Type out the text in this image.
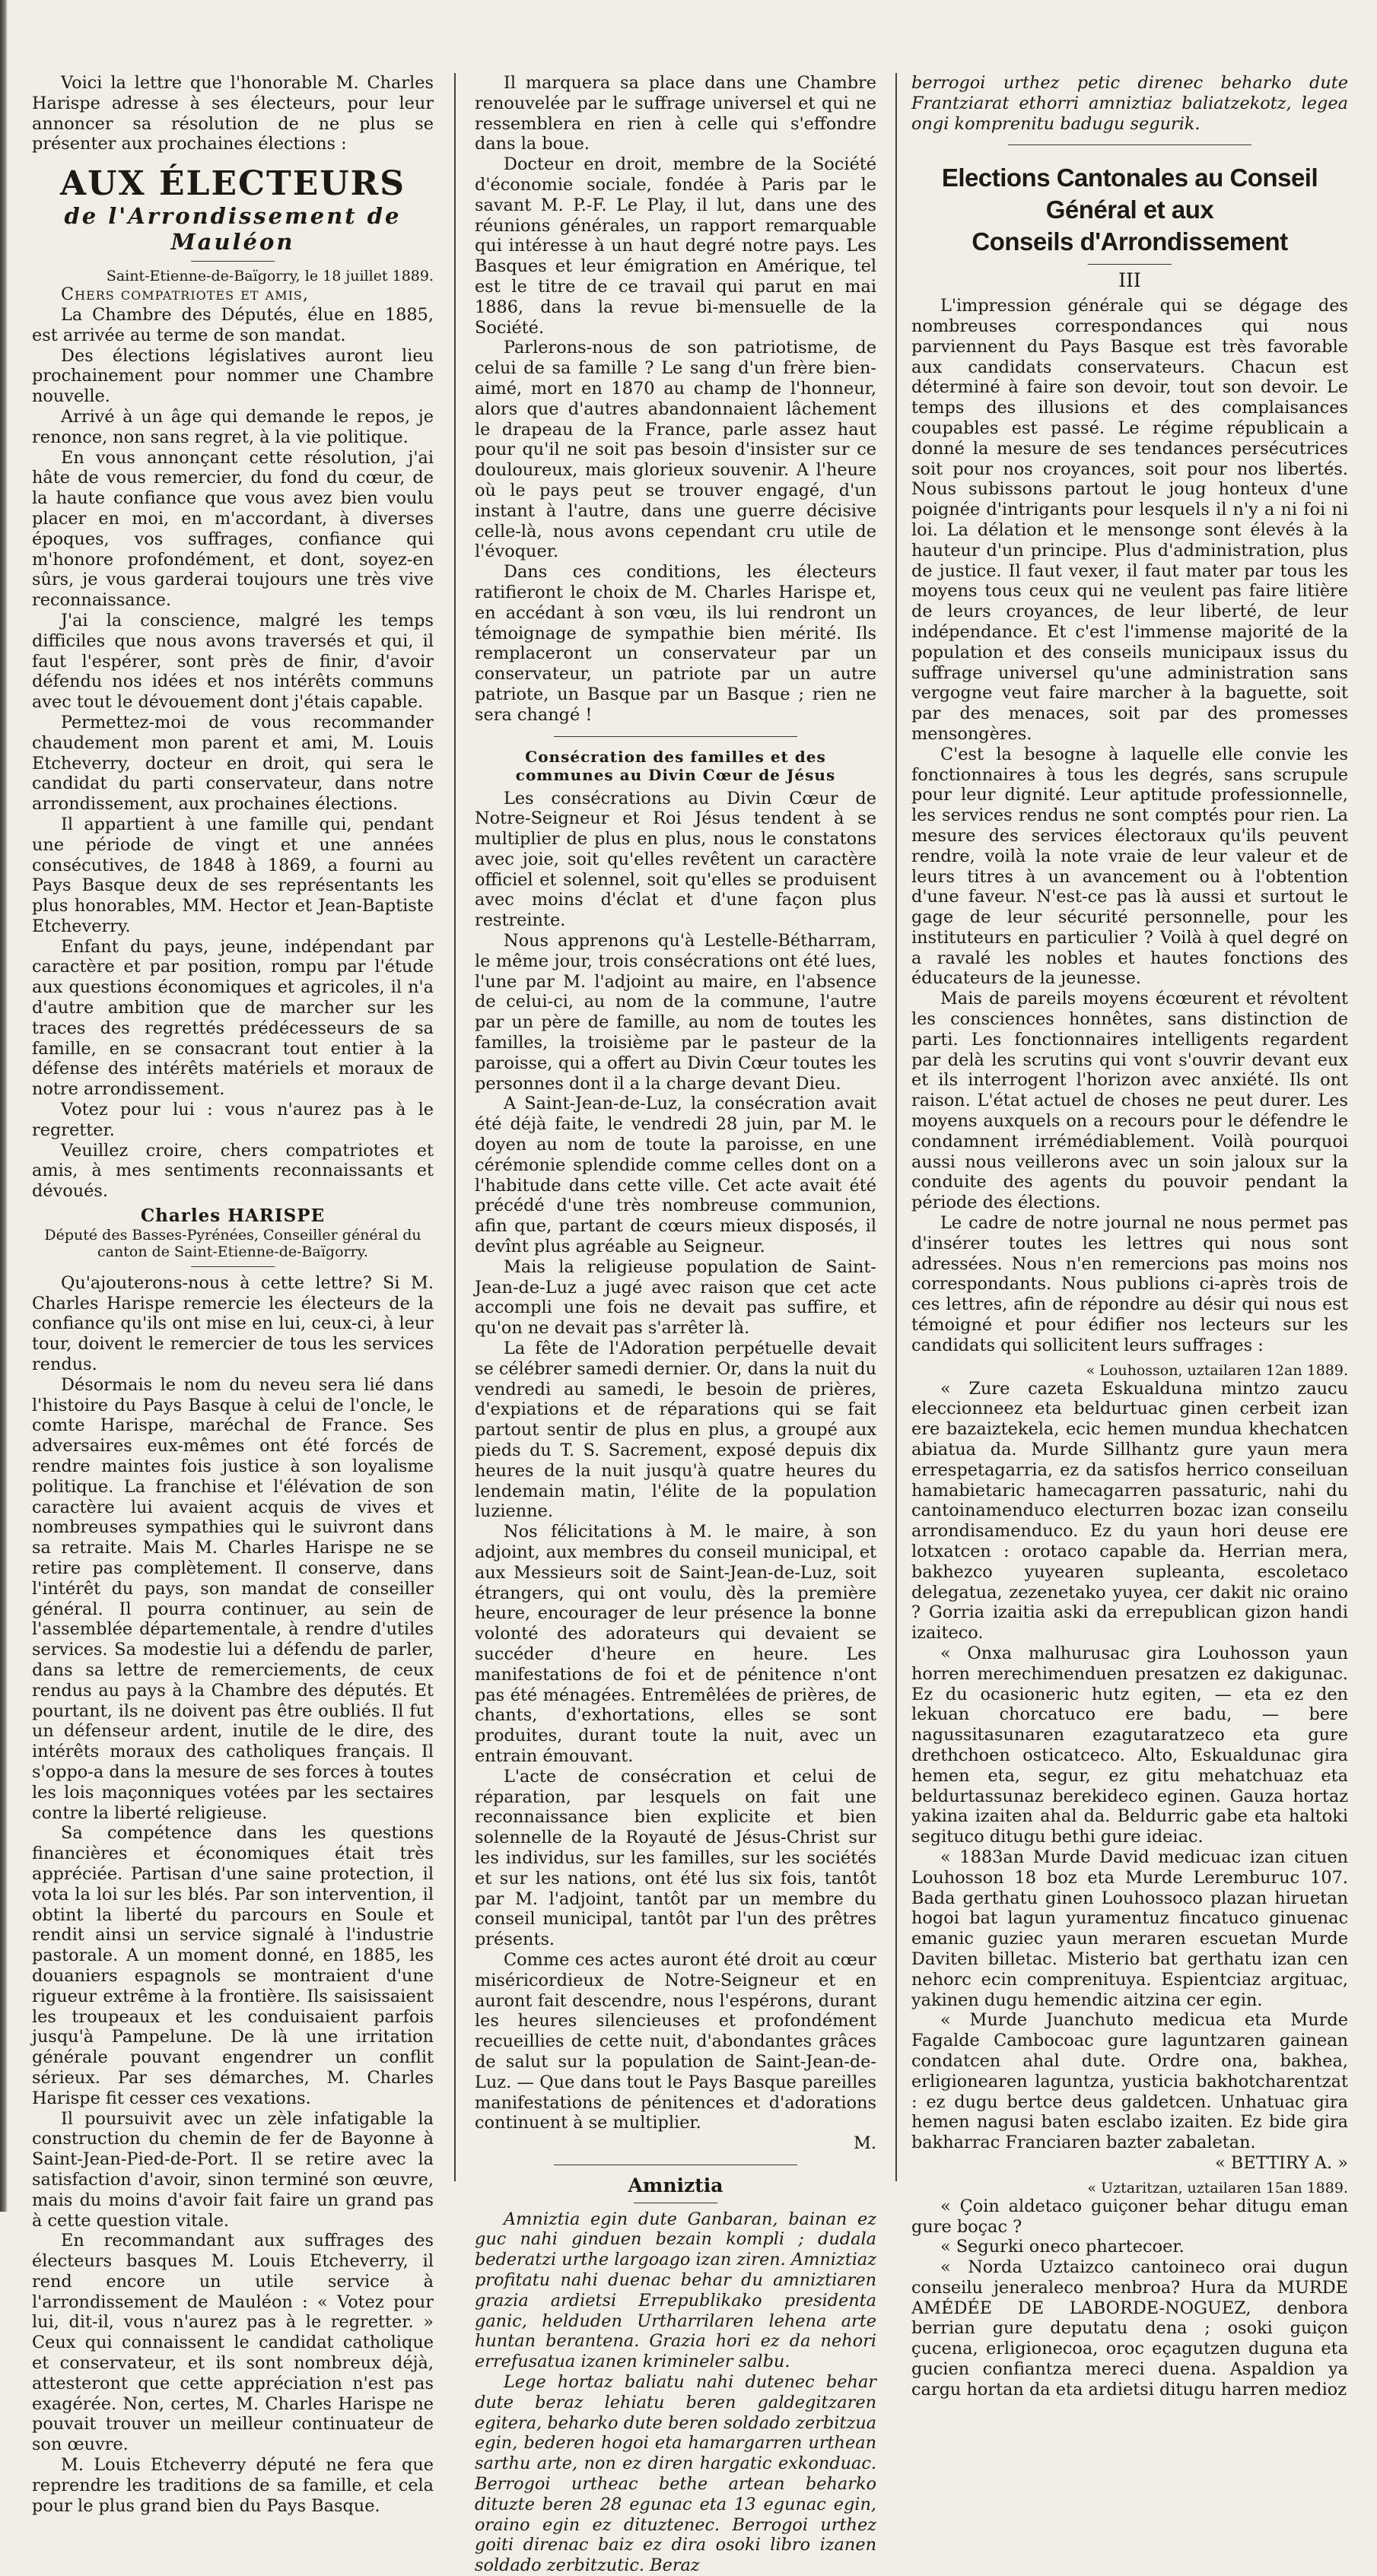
Voici la lettre que l'honorable M. Charles Harispe adresse à ses électeurs, pour leur annoncer sa résolution de ne plus se présenter aux prochaines élections :

AUX ÉLECTEURS
de l'Arrondissement de Mauléon

Saint-Etienne-de-Baïgorry, le 18 juillet 1889.

Chers compatriotes et amis,

La Chambre des Députés, élue en 1885, est arrivée au terme de son mandat.

Des élections législatives auront lieu prochainement pour nommer une Chambre nouvelle.

Arrivé à un âge qui demande le repos, je renonce, non sans regret, à la vie politique.

En vous annonçant cette résolution, j'ai hâte de vous remercier, du fond du cœur, de la haute confiance que vous avez bien voulu placer en moi, en m'accordant, à diverses époques, vos suffrages, confiance qui m'honore profondément, et dont, soyez-en sûrs, je vous garderai toujours une très vive reconnaissance.

J'ai la conscience, malgré les temps difficiles que nous avons traversés et qui, il faut l'espérer, sont près de finir, d'avoir défendu nos idées et nos intérêts communs avec tout le dévouement dont j'étais capable.

Permettez-moi de vous recommander chaudement mon parent et ami, M. Louis Etcheverry, docteur en droit, qui sera le candidat du parti conservateur, dans notre arrondissement, aux prochaines élections.

Il appartient à une famille qui, pendant une période de vingt et une années consécutives, de 1848 à 1869, a fourni au Pays Basque deux de ses représentants les plus honorables, MM. Hector et Jean-Baptiste Etcheverry.

Enfant du pays, jeune, indépendant par caractère et par position, rompu par l'étude aux questions économiques et agricoles, il n'a d'autre ambition que de marcher sur les traces des regrettés prédécesseurs de sa famille, en se consacrant tout entier à la défense des intérêts matériels et moraux de notre arrondissement.

Votez pour lui : vous n'aurez pas à le regretter.

Veuillez croire, chers compatriotes et amis, à mes sentiments reconnaissants et dévoués.

Charles HARISPE

Député des Basses-Pyrénées, Conseiller général du canton de Saint-Etienne-de-Baïgorry.

Qu'ajouterons-nous à cette lettre? Si M. Charles Harispe remercie les électeurs de la confiance qu'ils ont mise en lui, ceux-ci, à leur tour, doivent le remercier de tous les services rendus.

Désormais le nom du neveu sera lié dans l'histoire du Pays Basque à celui de l'oncle, le comte Harispe, maréchal de France. Ses adversaires eux-mêmes ont été forcés de rendre maintes fois justice à son loyalisme politique. La franchise et l'élévation de son caractère lui avaient acquis de vives et nombreuses sympathies qui le suivront dans sa retraite. Mais M. Charles Harispe ne se retire pas complètement. Il conserve, dans l'intérêt du pays, son mandat de conseiller général. Il pourra continuer, au sein de l'assemblée départementale, à rendre d'utiles services. Sa modestie lui a défendu de parler, dans sa lettre de remerciements, de ceux rendus au pays à la Chambre des députés. Et pourtant, ils ne doivent pas être oubliés. Il fut un défenseur ardent, inutile de le dire, des intérêts moraux des catholiques français. Il s'oppo-a dans la mesure de ses forces à toutes les lois maçonniques votées par les sectaires contre la liberté religieuse.

Sa compétence dans les questions financières et économiques était très appréciée. Partisan d'une saine protection, il vota la loi sur les blés. Par son intervention, il obtint la liberté du parcours en Soule et rendit ainsi un service signalé à l'industrie pastorale. A un moment donné, en 1885, les douaniers espagnols se montraient d'une rigueur extrême à la frontière. Ils saisissaient les troupeaux et les conduisaient parfois jusqu'à Pampelune. De là une irritation générale pouvant engendrer un conflit sérieux. Par ses démarches, M. Charles Harispe fit cesser ces vexations.

Il poursuivit avec un zèle infatigable la construction du chemin de fer de Bayonne à Saint-Jean-Pied-de-Port. Il se retire avec la satisfaction d'avoir, sinon terminé son œuvre, mais du moins d'avoir fait faire un grand pas à cette question vitale.

En recommandant aux suffrages des électeurs basques M. Louis Etcheverry, il rend encore un utile service à l'arrondissement de Mauléon : « Votez pour lui, dit-il, vous n'aurez pas à le regretter. » Ceux qui connaissent le candidat catholique et conservateur, et ils sont nombreux déjà, attesteront que cette appréciation n'est pas exagérée. Non, certes, M. Charles Harispe ne pouvait trouver un meilleur continuateur de son œuvre.

M. Louis Etcheverry député ne fera que reprendre les traditions de sa famille, et cela pour le plus grand bien du Pays Basque.

Il marquera sa place dans une Chambre renouvelée par le suffrage universel et qui ne ressemblera en rien à celle qui s'effondre dans la boue.

Docteur en droit, membre de la Société d'économie sociale, fondée à Paris par le savant M. P.-F. Le Play, il lut, dans une des réunions générales, un rapport remarquable qui intéresse à un haut degré notre pays. Les Basques et leur émigration en Amérique, tel est le titre de ce travail qui parut en mai 1886, dans la revue bi-mensuelle de la Société.

Parlerons-nous de son patriotisme, de celui de sa famille ? Le sang d'un frère bien-aimé, mort en 1870 au champ de l'honneur, alors que d'autres abandonnaient lâchement le drapeau de la France, parle assez haut pour qu'il ne soit pas besoin d'insister sur ce douloureux, mais glorieux souvenir. A l'heure où le pays peut se trouver engagé, d'un instant à l'autre, dans une guerre décisive celle-là, nous avons cependant cru utile de l'évoquer.

Dans ces conditions, les électeurs ratifieront le choix de M. Charles Harispe et, en accédant à son vœu, ils lui rendront un témoignage de sympathie bien mérité. Ils remplaceront un conservateur par un conservateur, un patriote par un autre patriote, un Basque par un Basque ; rien ne sera changé !

Consécration des familles et des communes au Divin Cœur de Jésus

Les consécrations au Divin Cœur de Notre-Seigneur et Roi Jésus tendent à se multiplier de plus en plus, nous le constatons avec joie, soit qu'elles revêtent un caractère officiel et solennel, soit qu'elles se produisent avec moins d'éclat et d'une façon plus restreinte.

Nous apprenons qu'à Lestelle-Bétharram, le même jour, trois consécrations ont été lues, l'une par M. l'adjoint au maire, en l'absence de celui-ci, au nom de la commune, l'autre par un père de famille, au nom de toutes les familles, la troisième par le pasteur de la paroisse, qui a offert au Divin Cœur toutes les personnes dont il a la charge devant Dieu.

A Saint-Jean-de-Luz, la consécration avait été déjà faite, le vendredi 28 juin, par M. le doyen au nom de toute la paroisse, en une cérémonie splendide comme celles dont on a l'habitude dans cette ville. Cet acte avait été précédé d'une très nombreuse communion, afin que, partant de cœurs mieux disposés, il devînt plus agréable au Seigneur.

Mais la religieuse population de Saint-Jean-de-Luz a jugé avec raison que cet acte accompli une fois ne devait pas suffire, et qu'on ne devait pas s'arrêter là.

La fête de l'Adoration perpétuelle devait se célébrer samedi dernier. Or, dans la nuit du vendredi au samedi, le besoin de prières, d'expiations et de réparations qui se fait partout sentir de plus en plus, a groupé aux pieds du T. S. Sacrement, exposé depuis dix heures de la nuit jusqu'à quatre heures du lendemain matin, l'élite de la population luzienne.

Nos félicitations à M. le maire, à son adjoint, aux membres du conseil municipal, et aux Messieurs soit de Saint-Jean-de-Luz, soit étrangers, qui ont voulu, dès la première heure, encourager de leur présence la bonne volonté des adorateurs qui devaient se succéder d'heure en heure. Les manifestations de foi et de pénitence n'ont pas été ménagées. Entremêlées de prières, de chants, d'exhortations, elles se sont produites, durant toute la nuit, avec un entrain émouvant.

L'acte de consécration et celui de réparation, par lesquels on fait une reconnaissance bien explicite et bien solennelle de la Royauté de Jésus-Christ sur les individus, sur les familles, sur les sociétés et sur les nations, ont été lus six fois, tantôt par M. l'adjoint, tantôt par un membre du conseil municipal, tantôt par l'un des prêtres présents.

Comme ces actes auront été droit au cœur miséricordieux de Notre-Seigneur et en auront fait descendre, nous l'espérons, durant les heures silencieuses et profondément recueillies de cette nuit, d'abondantes grâces de salut sur la population de Saint-Jean-de-Luz. — Que dans tout le Pays Basque pareilles manifestations de pénitences et d'adorations continuent à se multiplier.

M.

Amniztia

Amniztia egin dute Ganbaran, bainan ez guc nahi ginduen bezain kompli ; dudala bederatzi urthe largoago izan ziren. Amniztiaz profitatu nahi duenac behar du amniztiaren grazia ardietsi Errepublikako presidenta ganic, helduden Urtharrilaren lehena arte huntan berantena. Grazia hori ez da nehori errefusatua izanen krimineler salbu.

Lege hortaz baliatu nahi dutenec behar dute beraz lehiatu beren galdegitzaren egitera, beharko dute beren soldado zerbitzua egin, bederen hogoi eta hamargarren urthean sarthu arte, non ez diren hargatic exkonduac. Berrogoi urtheac bethe artean beharko dituzte beren 28 egunac eta 13 egunac egin, oraino egin ez dituztenec. Berrogoi urthez goiti direnac baiz ez dira osoki libro izanen soldado zerbitzutic. Beraz

berrogoi urthez petic direnec beharko dute Frantziarat ethorri amniztiaz baliatzekotz, legea ongi komprenitu badugu segurik.

Elections Cantonales au Conseil Général et aux
Conseils d'Arrondissement
III

L'impression générale qui se dégage des nombreuses correspondances qui nous parviennent du Pays Basque est très favorable aux candidats conservateurs. Chacun est déterminé à faire son devoir, tout son devoir. Le temps des illusions et des complaisances coupables est passé. Le régime républicain a donné la mesure de ses tendances persécutrices soit pour nos croyances, soit pour nos libertés. Nous subissons partout le joug honteux d'une poignée d'intrigants pour lesquels il n'y a ni foi ni loi. La délation et le mensonge sont élevés à la hauteur d'un principe. Plus d'administration, plus de justice. Il faut vexer, il faut mater par tous les moyens tous ceux qui ne veulent pas faire litière de leurs croyances, de leur liberté, de leur indépendance. Et c'est l'immense majorité de la population et des conseils municipaux issus du suffrage universel qu'une administration sans vergogne veut faire marcher à la baguette, soit par des menaces, soit par des promesses mensongères.

C'est la besogne à laquelle elle convie les fonctionnaires à tous les degrés, sans scrupule pour leur dignité. Leur aptitude professionnelle, les services rendus ne sont comptés pour rien. La mesure des services électoraux qu'ils peuvent rendre, voilà la note vraie de leur valeur et de leurs titres à un avancement ou à l'obtention d'une faveur. N'est-ce pas là aussi et surtout le gage de leur sécurité personnelle, pour les instituteurs en particulier ? Voilà à quel degré on a ravalé les nobles et hautes fonctions des éducateurs de la jeunesse.

Mais de pareils moyens écœurent et révoltent les consciences honnêtes, sans distinction de parti. Les fonctionnaires intelligents regardent par delà les scrutins qui vont s'ouvrir devant eux et ils interrogent l'horizon avec anxiété. Ils ont raison. L'état actuel de choses ne peut durer. Les moyens auxquels on a recours pour le défendre le condamnent irrémédiablement. Voilà pourquoi aussi nous veillerons avec un soin jaloux sur la conduite des agents du pouvoir pendant la période des élections.

Le cadre de notre journal ne nous permet pas d'insérer toutes les lettres qui nous sont adressées. Nous n'en remercions pas moins nos correspondants. Nous publions ci-après trois de ces lettres, afin de répondre au désir qui nous est témoigné et pour édifier nos lecteurs sur les candidats qui sollicitent leurs suffrages :

« Louhosson, uztailaren 12an 1889.

« Zure cazeta Eskualduna mintzo zaucu eleccionneez eta beldurtuac ginen cerbeit izan ere bazaiztekela, ecic hemen mundua khechatcen abiatua da. Murde Sillhantz gure yaun mera errespetagarria, ez da satisfos herrico conseiluan hamabietaric hamecagarren passaturic, nahi du cantoinamenduco electurren bozac izan conseilu arrondisamenduco. Ez du yaun hori deuse ere lotxatcen : orotaco capable da. Herrian mera, bakhezco yuyearen supleanta, escoletaco delegatua, zezenetako yuyea, cer dakit nic oraino ? Gorria izaitia aski da errepublican gizon handi izaiteco.

« Onxa malhurusac gira Louhosson yaun horren merechimenduen presatzen ez dakigunac. Ez du ocasioneric hutz egiten, — eta ez den lekuan chorcatuco ere badu, — bere nagussitasunaren ezagutaratzeco eta gure drethchoen osticatceco. Alto, Eskualdunac gira hemen eta, segur, ez gitu mehatchuaz eta beldurtassunaz berekideco eginen. Gauza hortaz yakina izaiten ahal da. Beldurric gabe eta haltoki segituco ditugu bethi gure ideiac.

« 1883an Murde David medicuac izan cituen Louhosson 18 boz eta Murde Leremburuc 107. Bada gerthatu ginen Louhossoco plazan hiruetan hogoi bat lagun yuramentuz fincatuco ginuenac emanic guziec yaun meraren escuetan Murde Daviten billetac. Misterio bat gerthatu izan cen nehorc ecin comprenituya. Espientciaz argituac, yakinen dugu hemendic aitzina cer egin.

« Murde Juanchuto medicua eta Murde Fagalde Cambocoac gure laguntzaren gainean condatcen ahal dute. Ordre ona, bakhea, erligionearen laguntza, yusticia bakhotcharentzat : ez dugu bertce deus galdetcen. Unhatuac gira hemen nagusi baten esclabo izaiten. Ez bide gira bakharrac Franciaren bazter zabaletan.

« BETTIRY A. »

« Uztaritzan, uztailaren 15an 1889.

« Çoin aldetaco guiçoner behar ditugu eman gure boçac ?

« Segurki oneco phartecoer.

« Norda Uztaizco cantoineco orai dugun conseilu jeneraleco menbroa? Hura da MURDE AMÉDÉE DE LABORDE-NOGUEZ, denbora berrian gure deputatu dena ; osoki guiçon çucena, erligionecoa, oroc eçagutzen duguna eta gucien confiantza mereci duena. Aspaldion ya cargu hortan da eta ardietsi ditugu harren medioz
